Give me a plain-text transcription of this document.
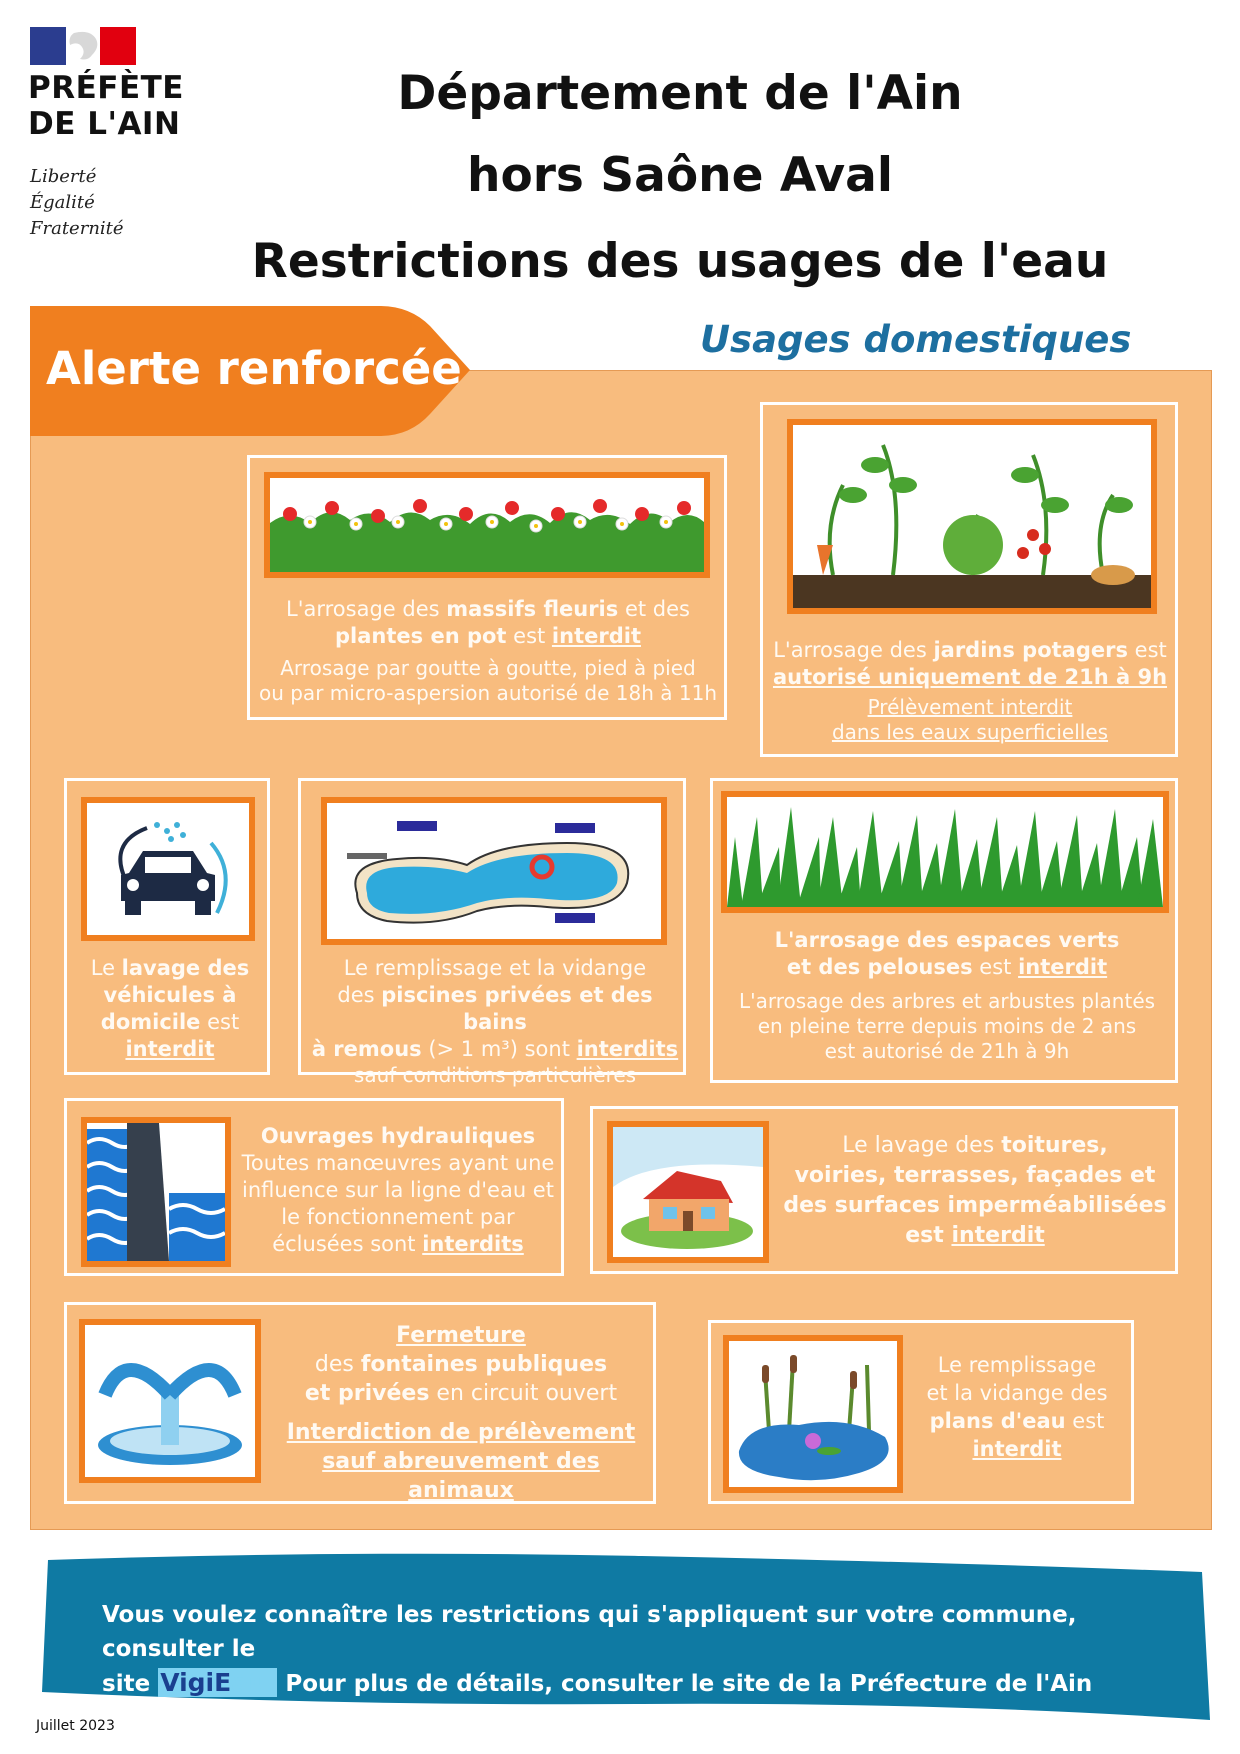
PRÉFÈTE
DE L'AIN
Liberté
Égalité
Fraternité
Département de l'Ain
hors Saône Aval
Restrictions des usages de l'eau
Alerte renforcée
Usages domestiques
L'arrosage des massifs fleuris et des
plantes en pot est interdit
Arrosage par goutte à goutte, pied à pied
ou par micro-aspersion autorisé de 18h à 11h
L'arrosage des jardins potagers est
autorisé uniquement de 21h à 9h
Prélèvement interdit
dans les eaux superficielles
Le lavage des
véhicules à
domicile est
interdit
Le remplissage et la vidange
des piscines privées et des bains
à remous (> 1 m³) sont interdits
sauf conditions particulières
L'arrosage des espaces verts
et des pelouses est interdit
L'arrosage des arbres et arbustes plantés
en pleine terre depuis moins de 2 ans
est autorisé de 21h à 9h
Ouvrages hydrauliques
Toutes manœuvres ayant une
influence sur la ligne d'eau et
le fonctionnement par
éclusées sont interdits
Le lavage des toitures,
voiries, terrasses, façades et
des surfaces imperméabilisées
est interdit
Fermeture
des fontaines publiques
et privées en circuit ouvert
Interdiction de prélèvement
sauf abreuvement des animaux
Le remplissage
et la vidange des
plans d'eau est
interdit
Vous voulez connaître les restrictions qui s'appliquent sur votre commune, consulter le
site VigiEau. Pour plus de détails, consulter le site de la Préfecture de l'Ain
http://www.ain.gouv.fr
Juillet 2023
